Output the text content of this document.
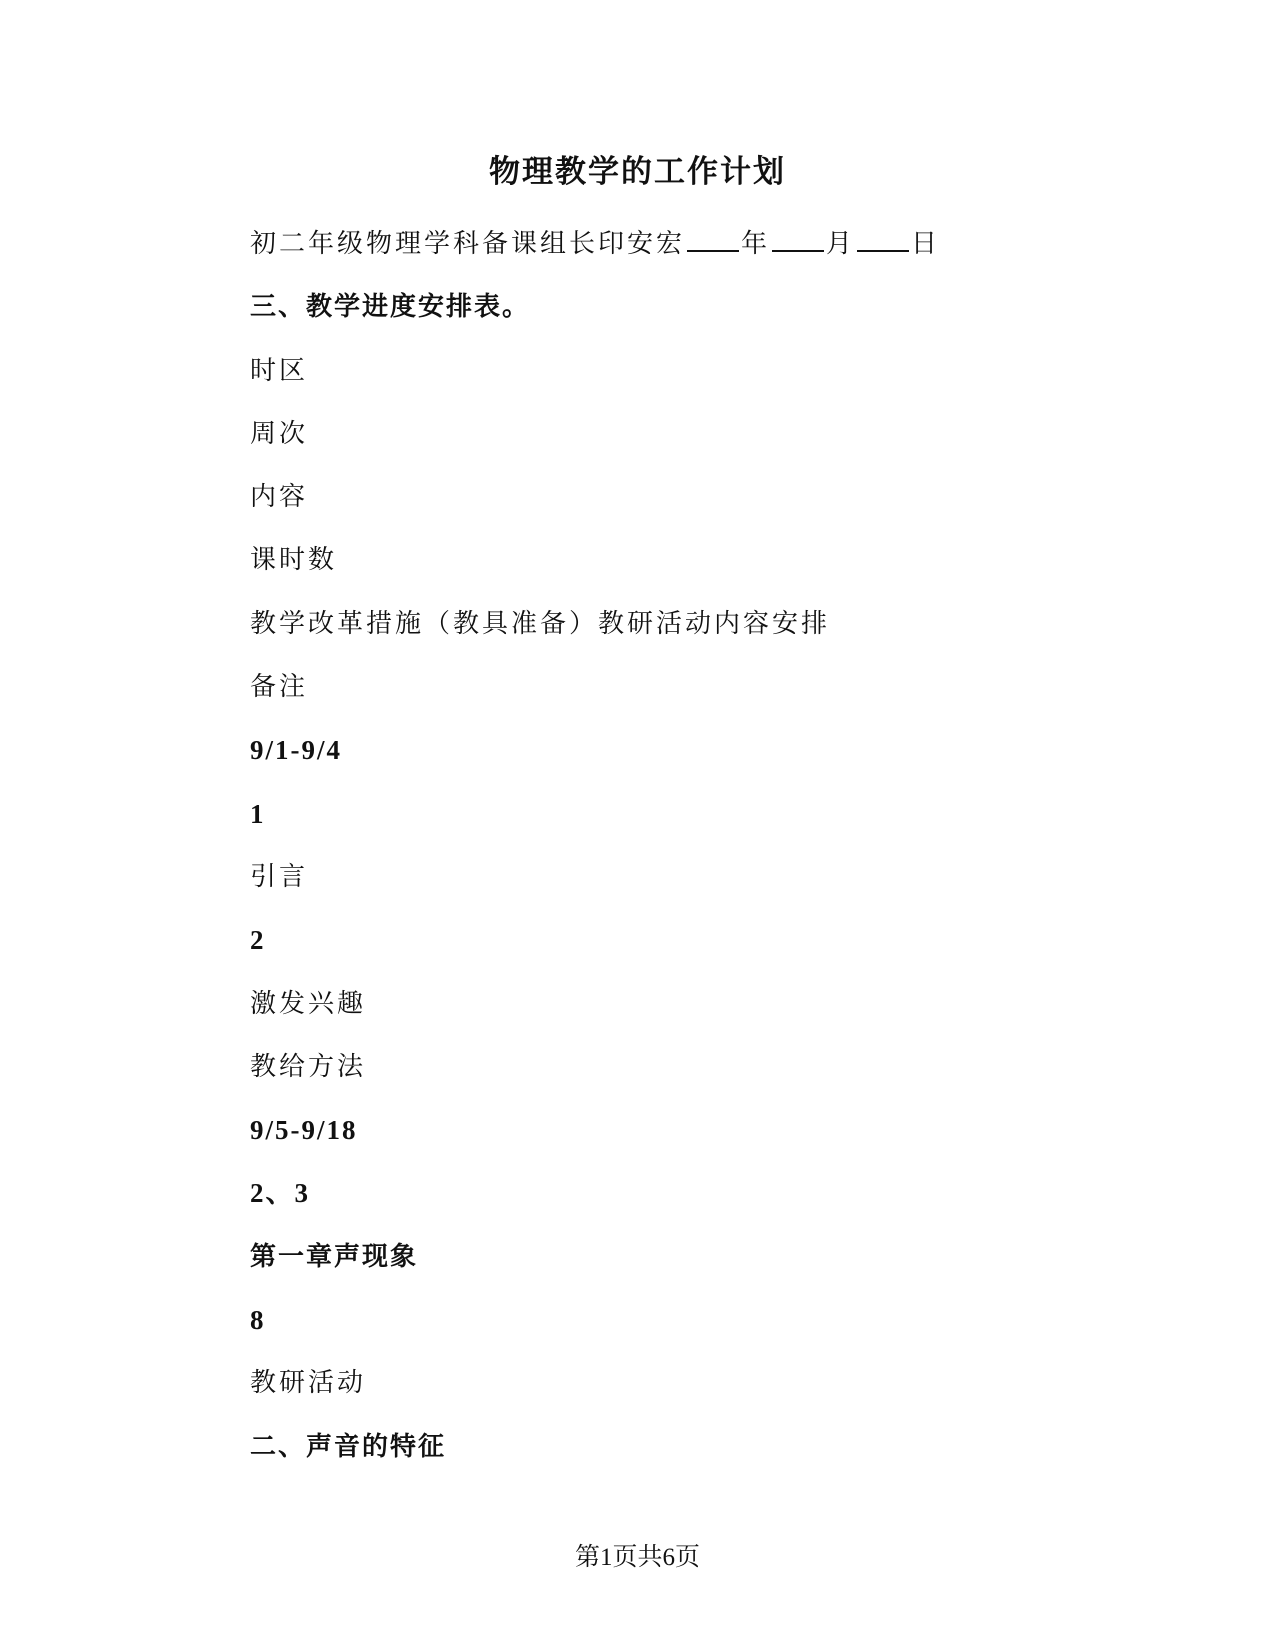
物理教学的工作计划
初二年级物理学科备课组长印安宏 年 月 日
三、教学进度安排表。
时区
周次
内容
课时数
教学改革措施（教具准备）教研活动内容安排
备注
9/1-9/4
1
引言
2
激发兴趣
教给方法
9/5-9/18
2、3
第一章声现象
8
教研活动
二、声音的特征
第1页共6页
